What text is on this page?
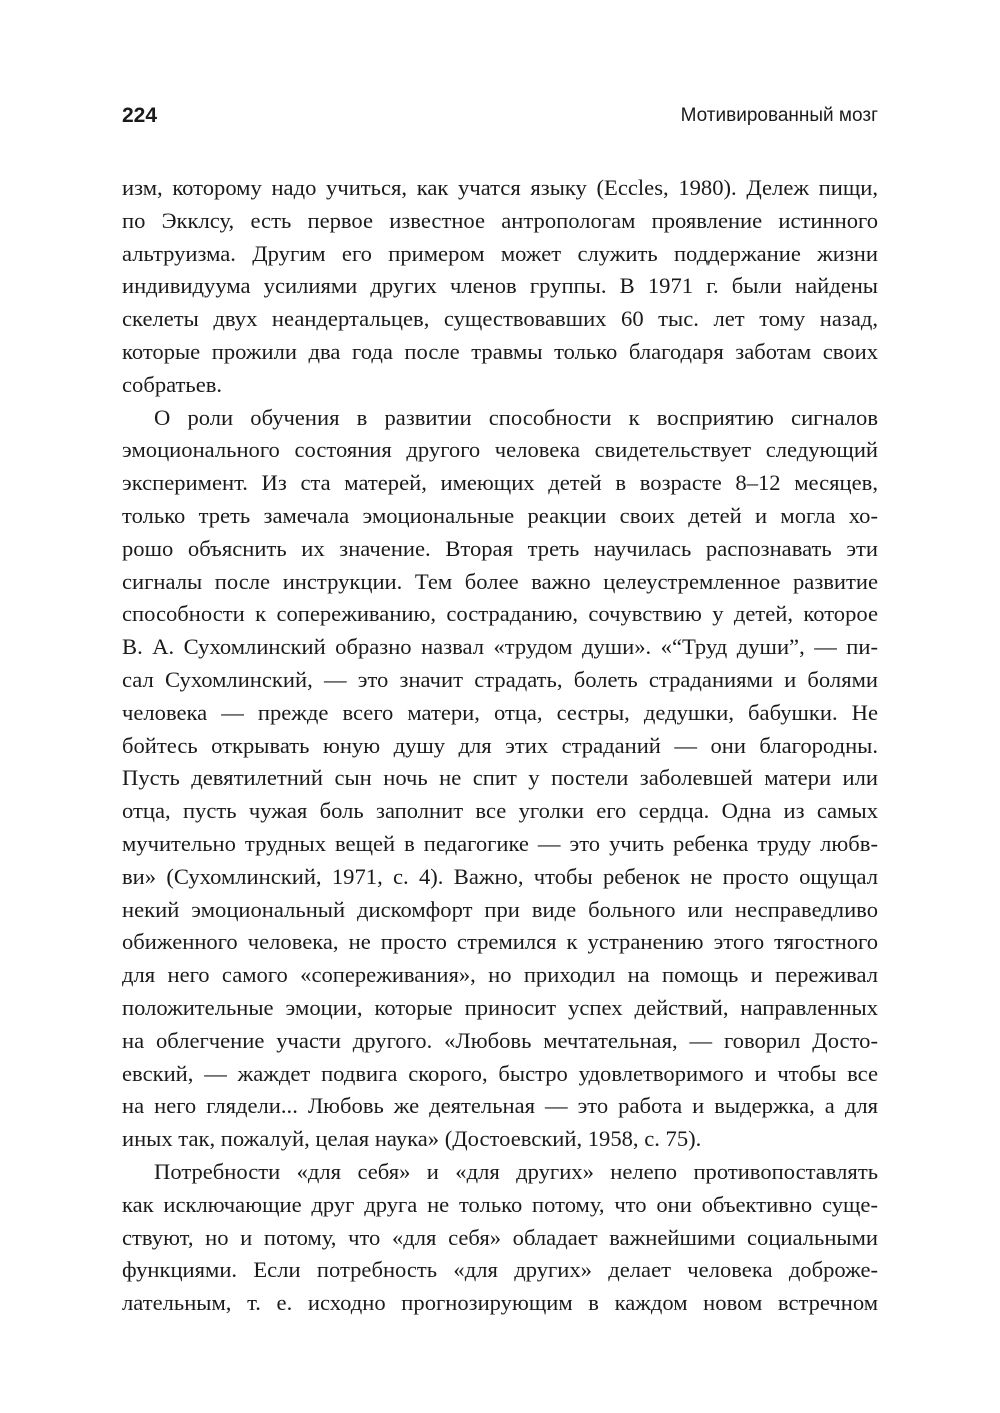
224	Мотивированный мозг
изм, которому надо учиться, как учатся языку (Eccles, 1980). Дележ пищи,
по Экклсу, есть первое известное антропологам проявление истинного
альтруизма. Другим его примером может служить поддержание жизни
индивидуума усилиями других членов группы. В 1971 г. были найдены
скелеты двух неандертальцев, существовавших 60 тыс. лет тому назад,
которые прожили два года после травмы только благодаря заботам своих
собратьев.
О роли обучения в развитии способности к восприятию сигналов
эмоционального состояния другого человека свидетельствует следующий
эксперимент. Из ста матерей, имеющих детей в возрасте 8–12 месяцев,
только треть замечала эмоциональные реакции своих детей и могла хо-
рошо объяснить их значение. Вторая треть научилась распознавать эти
сигналы после инструкции. Тем более важно целеустремленное развитие
способности к сопереживанию, состраданию, сочувствию у детей, которое
В. А. Сухомлинский образно назвал «трудом души». «“Труд души”, — пи-
сал Сухомлинский, — это значит страдать, болеть страданиями и болями
человека — прежде всего матери, отца, сестры, дедушки, бабушки. Не
бойтесь открывать юную душу для этих страданий — они благородны.
Пусть девятилетний сын ночь не спит у постели заболевшей матери или
отца, пусть чужая боль заполнит все уголки его сердца. Одна из самых
мучительно трудных вещей в педагогике — это учить ребенка труду любв-
ви» (Сухомлинский, 1971, с. 4). Важно, чтобы ребенок не просто ощущал
некий эмоциональный дискомфорт при виде больного или несправедливо
обиженного человека, не просто стремился к устранению этого тягостного
для него самого «сопереживания», но приходил на помощь и переживал
положительные эмоции, которые приносит успех действий, направленных
на облегчение участи другого. «Любовь мечтательная, — говорил Досто-
евский, — жаждет подвига скорого, быстро удовлетворимого и чтобы все
на него глядели... Любовь же деятельная — это работа и выдержка, а для
иных так, пожалуй, целая наука» (Достоевский, 1958, с. 75).
Потребности «для себя» и «для других» нелепо противопоставлять
как исключающие друг друга не только потому, что они объективно суще-
ствуют, но и потому, что «для себя» обладает важнейшими социальными
функциями. Если потребность «для других» делает человека доброже-
лательным, т. е. исходно прогнозирующим в каждом новом встречном
